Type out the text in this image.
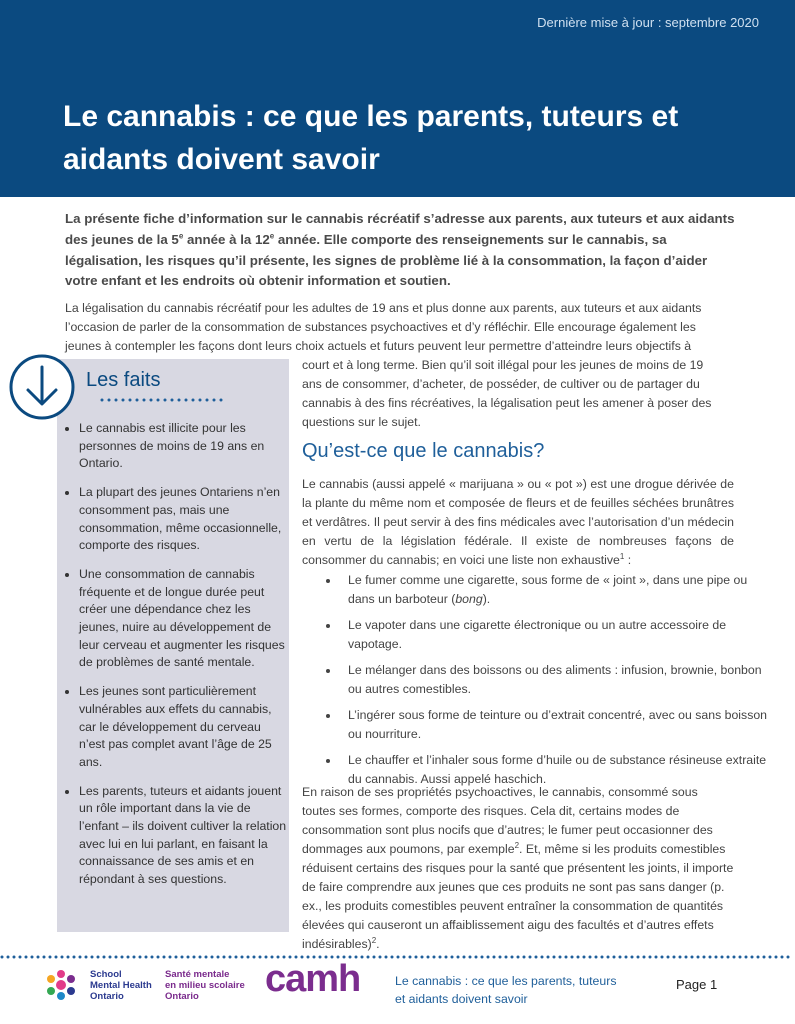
Dernière mise à jour : septembre 2020
Le cannabis : ce que les parents, tuteurs et aidants doivent savoir

La présente fiche d’information sur le cannabis récréatif s’adresse aux parents, aux tuteurs et aux aidants des jeunes de la 5e année à la 12e année. Elle comporte des renseignements sur le cannabis, sa légalisation, les risques qu’il présente, les signes de problème lié à la consommation, la façon d’aider votre enfant et les endroits où obtenir information et soutien.

La légalisation du cannabis récréatif pour les adultes de 19 ans et plus donne aux parents, aux tuteurs et aux aidants l’occasion de parler de la consommation de substances psychoactives et d’y réfléchir. Elle encourage également les jeunes à contempler les façons dont leurs choix actuels et futurs peuvent leur permettre d’atteindre leurs objectifs à

court et à long terme. Bien qu’il soit illégal pour les jeunes de moins de 19 ans de consommer, d’acheter, de posséder, de cultiver ou de partager du cannabis à des fins récréatives, la légalisation peut les amener à poser des questions sur le sujet.

Les faits
• Le cannabis est illicite pour les personnes de moins de 19 ans en Ontario.
• La plupart des jeunes Ontariens n’en consomment pas, mais une consommation, même occasionnelle, comporte des risques.
• Une consommation de cannabis fréquente et de longue durée peut créer une dépendance chez les jeunes, nuire au développement de leur cerveau et augmenter les risques de problèmes de santé mentale.
• Les jeunes sont particulièrement vulnérables aux effets du cannabis, car le développement du cerveau n’est pas complet avant l’âge de 25 ans.
• Les parents, tuteurs et aidants jouent un rôle important dans la vie de l’enfant – ils doivent cultiver la relation avec lui en lui parlant, en faisant la connaissance de ses amis et en répondant à ses questions.
Qu’est-ce que le cannabis?

Le cannabis (aussi appelé « marijuana » ou « pot ») est une drogue dérivée de la plante du même nom et composée de fleurs et de feuilles séchées brunâtres et verdâtres. Il peut servir à des fins médicales avec l’autorisation d’un médecin en vertu de la législation fédérale. Il existe de nombreuses façons de consommer du cannabis; en voici une liste non exhaustive$^1$ :

• Le fumer comme une cigarette, sous forme de « joint », dans une pipe ou dans un barboteur (bong).
• Le vapoter dans une cigarette électronique ou un autre accessoire de vapotage.
• Le mélanger dans des boissons ou des aliments : infusion, brownie, bonbon ou autres comestibles.
• L’ingérer sous forme de teinture ou d’extrait concentré, avec ou sans boisson ou nourriture.
• Le chauffer et l’inhaler sous forme d’huile ou de substance résineuse extraite du cannabis. Aussi appelé haschich.

En raison de ses propriétés psychoactives, le cannabis, consommé sous toutes ses formes, comporte des risques. Cela dit, certains modes de consommation sont plus nocifs que d’autres; le fumer peut occasionner des dommages aux poumons, par exemple$^2$. Et, même si les produits comestibles réduisent certains des risques pour la santé que présentent les joints, il importe de faire comprendre aux jeunes que ces produits ne sont pas sans danger (p. ex., les produits comestibles peuvent entraîner la consommation de quantités élevées qui causeront un affaiblissement aigu des facultés et d’autres effets indésirables)$^2$.

School
Mental Health
Ontario
Santé mentale
en milieu scolaire
Ontario	camh	Le cannabis : ce que les parents, tuteurs
et aidants doivent savoir
Page 1
